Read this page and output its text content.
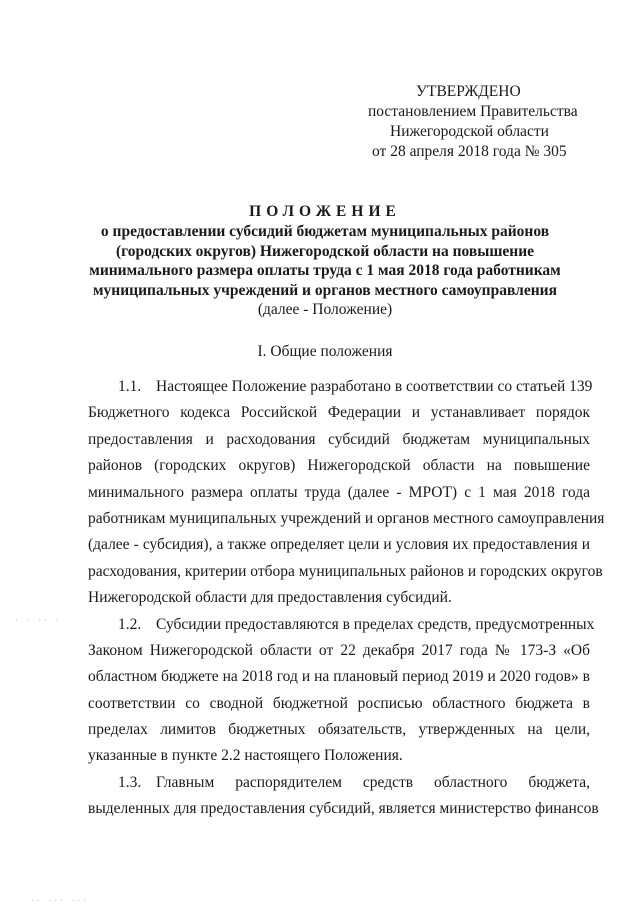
УТВЕРЖДЕНО
постановлением Правительства
Нижегородской области
от 28 апреля 2018 года № 305
ПОЛОЖЕНИЕ
о предоставлении субсидий бюджетам муниципальных районов
(городских округов) Нижегородской области на повышение
минимального размера оплаты труда с 1 мая 2018 года работникам
муниципальных учреждений и органов местного самоуправления
(далее - Положение)
I. Общие положения
1.1. Настоящее Положение разработано в соответствии со статьей 139
Бюджетного кодекса Российской Федерации и устанавливает порядок
предоставления и расходования субсидий бюджетам муниципальных
районов (городских округов) Нижегородской области на повышение
минимального размера оплаты труда (далее - МРОТ) с 1 мая 2018 года
работникам муниципальных учреждений и органов местного самоуправления
(далее - субсидия), а также определяет цели и условия их предоставления и
расходования, критерии отбора муниципальных районов и городских округов
Нижегородской области для предоставления субсидий.
1.2. Субсидии предоставляются в пределах средств, предусмотренных
Законом Нижегородской области от 22 декабря 2017 года № 173-З «Об
областном бюджете на 2018 год и на плановый период 2019 и 2020 годов» в
соответствии со сводной бюджетной росписью областного бюджета в
пределах лимитов бюджетных обязательств, утвержденных на цели,
указанные в пункте 2.2 настоящего Положения.
1.3. Главным распорядителем средств областного бюджета,
выделенных для предоставления субсидий, является министерство финансов
· · ·· ·
·· ··· ···
